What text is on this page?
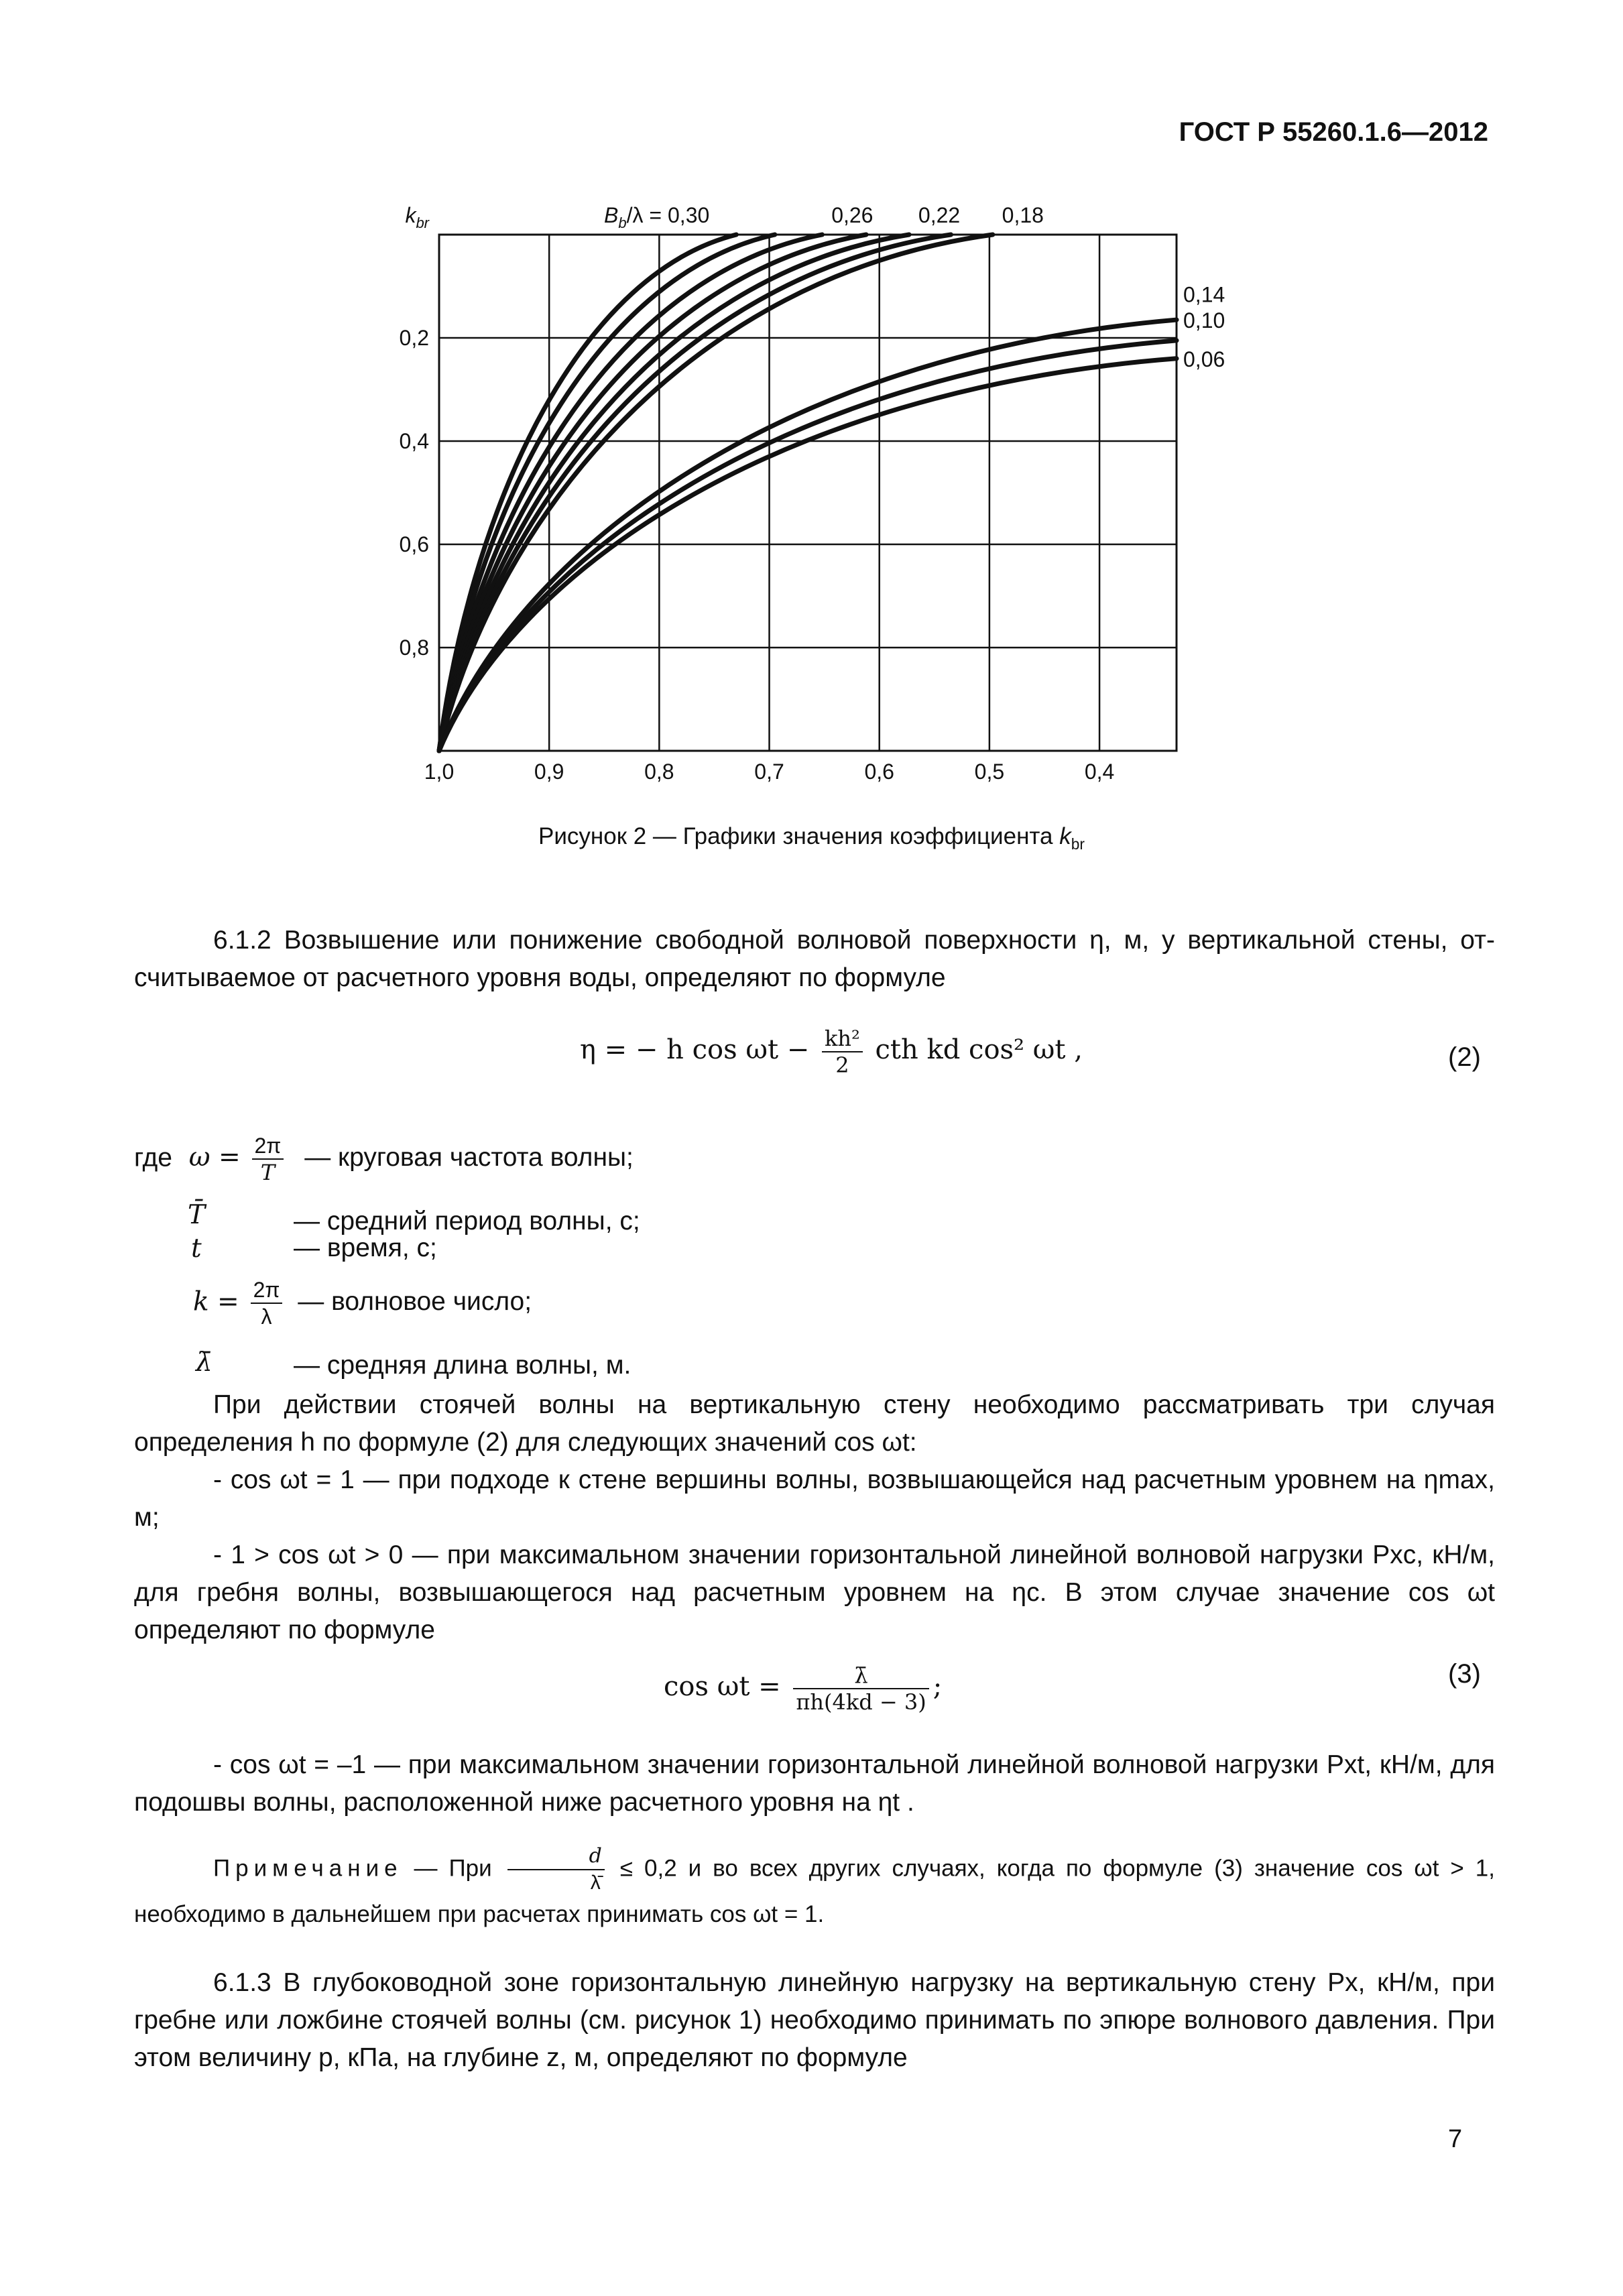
ГОСТ Р 55260.1.6—2012
1,0	0,9	0,8	0,7	0,6	0,5	0,4
0,2
0,4
0,6
0,8
$k_{br}$	$B_b/\lambda = 0,30$	0,26 0,22 0,18
0,14
0,10
0,06
Рисунок 2 — Графики значения коэффициента $k_{br}$

6.1.2 Возвышение или понижение свободной волновой поверхности η, м, у вертикальной стены, от-считываемое от расчетного уровня воды, определяют по формуле

η = − h $\cos \omega t - \frac{\text{kh²}}{2}$ cth kd cos² ωt ,	(2)
где $\omega = \frac{2\pi}{T}$ — круговая частота волны;
T̄	— средний период волны, с;
t	— время, с;
$k = \frac{2\pi}{\lambda}$ — волновое число;
λ̄	— средняя длина волны, м.

При действии стоячей волны на вертикальную стену необходимо рассматривать три случая определения h по формуле (2) для следующих значений cos ωt:

- cos ωt = 1 — при подходе к стене вершины волны, возвышающейся над расчетным уровнем на ηmax, м;

- 1 > cos ωt > 0 — при максимальном значении горизонтальной линейной волновой нагрузки Pxc, кН/м, для гребня волны, возвышающегося над расчетным уровнем на ηc. В этом случае значение cos ωt определяют по формуле

$\cos \omega t = \frac{\lambdā}{\pi h(4kd - 3)}$ ;	(3)

- cos ωt = –1 — при максимальном значении горизонтальной линейной волновой нагрузки Pxt, кН/м, для подошвы волны, расположенной ниже расчетного уровня на ηt .

Примечание — При $\frac{d}{\lambdā} \le 0,2$ и во всех других случаях, когда по формуле (3) значение cos ωt > 1, необходимо в дальнейшем при расчетах принимать cos ωt = 1.

6.1.3 В глубоководной зоне горизонтальную линейную нагрузку на вертикальную стену Px, кН/м, при гребне или ложбине стоячей волны (см. рисунок 1) необходимо принимать по эпюре волнового давления. При этом величину p, кПа, на глубине z, м, определяют по формуле

7
